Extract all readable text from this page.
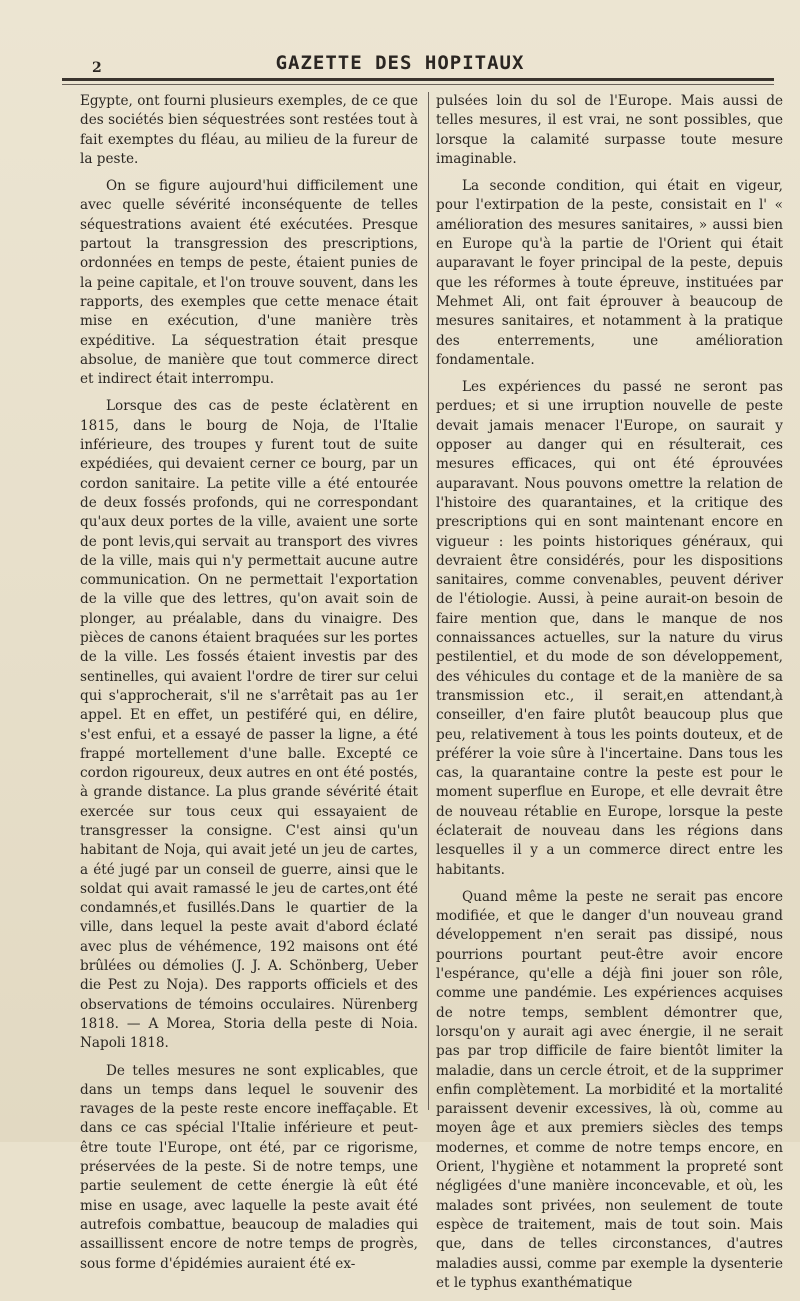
2	GAZETTE DES HOPITAUX

Egypte, ont fourni plusieurs exemples, de ce que des sociétés bien séquestrées sont restées tout à fait exemptes du fléau, au milieu de la fureur de la peste.

On se figure aujourd'hui difficilement une avec quelle sévérité inconséquente de telles séquestrations avaient été exécutées. Presque partout la transgression des prescriptions, ordonnées en temps de peste, étaient punies de la peine capitale, et l'on trouve souvent, dans les rapports, des exemples que cette menace était mise en exécution, d'une manière très expéditive. La séquestration était presque absolue, de manière que tout commerce direct et indirect était interrompu.

Lorsque des cas de peste éclatèrent en 1815, dans le bourg de Noja, de l'Italie inférieure, des troupes y furent tout de suite expédiées, qui devaient cerner ce bourg, par un cordon sanitaire. La petite ville a été entourée de deux fossés profonds, qui ne correspondant qu'aux deux portes de la ville, avaient une sorte de pont levis,qui servait au transport des vivres de la ville, mais qui n'y permettait aucune autre communication. On ne permettait l'exportation de la ville que des lettres, qu'on avait soin de plonger, au préalable, dans du vinaigre. Des pièces de canons étaient braquées sur les portes de la ville. Les fossés étaient investis par des sentinelles, qui avaient l'ordre de tirer sur celui qui s'approcherait, s'il ne s'arrêtait pas au 1er appel. Et en effet, un pestiféré qui, en délire, s'est enfui, et a essayé de passer la ligne, a été frappé mortellement d'une balle. Excepté ce cordon rigoureux, deux autres en ont été postés, à grande distance. La plus grande sévérité était exercée sur tous ceux qui essayaient de transgresser la consigne. C'est ainsi qu'un habitant de Noja, qui avait jeté un jeu de cartes, a été jugé par un conseil de guerre, ainsi que le soldat qui avait ramassé le jeu de cartes,ont été condamnés,et fusillés.Dans le quartier de la ville, dans lequel la peste avait d'abord éclaté avec plus de véhémence, 192 maisons ont été brûlées ou démolies (J. J. A. Schönberg, Ueber die Pest zu Noja). Des rapports officiels et des observations de témoins occulaires. Nürenberg 1818. — A Morea, Storia della peste di Noia. Napoli 1818.

De telles mesures ne sont explicables, que dans un temps dans lequel le souvenir des ravages de la peste reste encore ineffaçable. Et dans ce cas spécial l'Italie inférieure et peut-être toute l'Europe, ont été, par ce rigorisme, préservées de la peste. Si de notre temps, une partie seulement de cette énergie là eût été mise en usage, avec laquelle la peste avait été autrefois combattue, beaucoup de maladies qui assaillissent encore de notre temps de progrès, sous forme d'épidémies auraient été ex-

pulsées loin du sol de l'Europe. Mais aussi de telles mesures, il est vrai, ne sont possibles, que lorsque la calamité surpasse toute mesure imaginable.

La seconde condition, qui était en vigeur, pour l'extirpation de la peste, consistait en l' « amélioration des mesures sanitaires, » aussi bien en Europe qu'à la partie de l'Orient qui était auparavant le foyer principal de la peste, depuis que les réformes à toute épreuve, instituées par Mehmet Ali, ont fait éprouver à beaucoup de mesures sanitaires, et notamment à la pratique des enterrements, une amélioration fondamentale.

Les expériences du passé ne seront pas perdues; et si une irruption nouvelle de peste devait jamais menacer l'Europe, on saurait y opposer au danger qui en résulterait, ces mesures efficaces, qui ont été éprouvées auparavant. Nous pouvons omettre la relation de l'histoire des quarantaines, et la critique des prescriptions qui en sont maintenant encore en vigueur : les points historiques généraux, qui devraient être considérés, pour les dispositions sanitaires, comme convenables, peuvent dériver de l'étiologie. Aussi, à peine aurait-on besoin de faire mention que, dans le manque de nos connaissances actuelles, sur la nature du virus pestilentiel, et du mode de son développement, des véhicules du contage et de la manière de sa transmission etc., il serait,en attendant,à conseiller, d'en faire plutôt beaucoup plus que peu, relativement à tous les points douteux, et de préférer la voie sûre à l'incertaine. Dans tous les cas, la quarantaine contre la peste est pour le moment superflue en Europe, et elle devrait être de nouveau rétablie en Europe, lorsque la peste éclaterait de nouveau dans les régions dans lesquelles il y a un commerce direct entre les habitants.

Quand même la peste ne serait pas encore modifiée, et que le danger d'un nouveau grand développement n'en serait pas dissipé, nous pourrions pourtant peut-être avoir encore l'espérance, qu'elle a déjà fini jouer son rôle, comme une pandémie. Les expériences acquises de notre temps, semblent démontrer que, lorsqu'on y aurait agi avec énergie, il ne serait pas par trop difficile de faire bientôt limiter la maladie, dans un cercle étroit, et de la supprimer enfin complètement. La morbidité et la mortalité paraissent devenir excessives, là où, comme au moyen âge et aux premiers siècles des temps modernes, et comme de notre temps encore, en Orient, l'hygiène et notamment la propreté sont négligées d'une manière inconcevable, et où, les malades sont privées, non seulement de toute espèce de traitement, mais de tout soin. Mais que, dans de telles circonstances, d'autres maladies aussi, comme par exemple la dysenterie et le typhus exanthématique
